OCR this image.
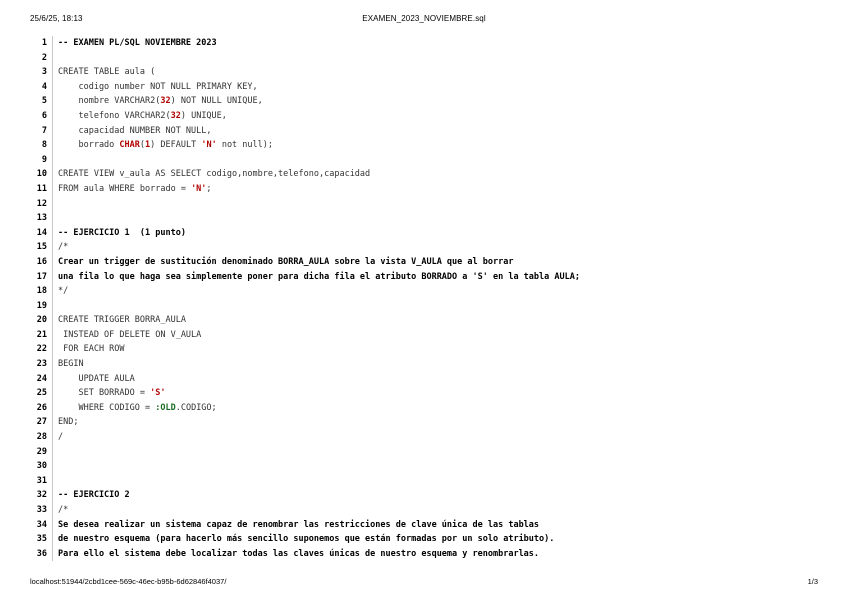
25/6/25, 18:13	EXAMEN_2023_NOVIEMBRE.sql
1 -- EXAMEN PL/SQL NOVIEMBRE 2023
2
3 CREATE TABLE aula (
4 codigo number NOT NULL PRIMARY KEY,
5 nombre VARCHAR2(32) NOT NULL UNIQUE,
6 telefono VARCHAR2(32) UNIQUE,
7 capacidad NUMBER NOT NULL,
8 borrado CHAR(1) DEFAULT 'N' not null);
9
10 CREATE VIEW v_aula AS SELECT codigo,nombre,telefono,capacidad
11 FROM aula WHERE borrado = 'N';
12
13
14 -- EJERCICIO 1  (1 punto)
15 /*
16 Crear un trigger de sustitución denominado BORRA_AULA sobre la vista V_AULA que al borrar
17 una fila lo que haga sea simplemente poner para dicha fila el atributo BORRADO a 'S' en la tabla AULA;
18 */
19
20 CREATE TRIGGER BORRA_AULA
21 INSTEAD OF DELETE ON V_AULA
22 FOR EACH ROW
23 BEGIN
24 UPDATE AULA
25 SET BORRADO = 'S'
26 WHERE CODIGO = :OLD.CODIGO;
27 END;
28 /
29
30
31
32 -- EJERCICIO 2
33 /*
34 Se desea realizar un sistema capaz de renombrar las restricciones de clave única de las tablas
35 de nuestro esquema (para hacerlo más sencillo suponemos que están formadas por un solo atributo).
36 Para ello el sistema debe localizar todas las claves únicas de nuestro esquema y renombrarlas.
localhost:51944/2cbd1cee-569c-46ec-b95b-6d62846f4037/	1/3
